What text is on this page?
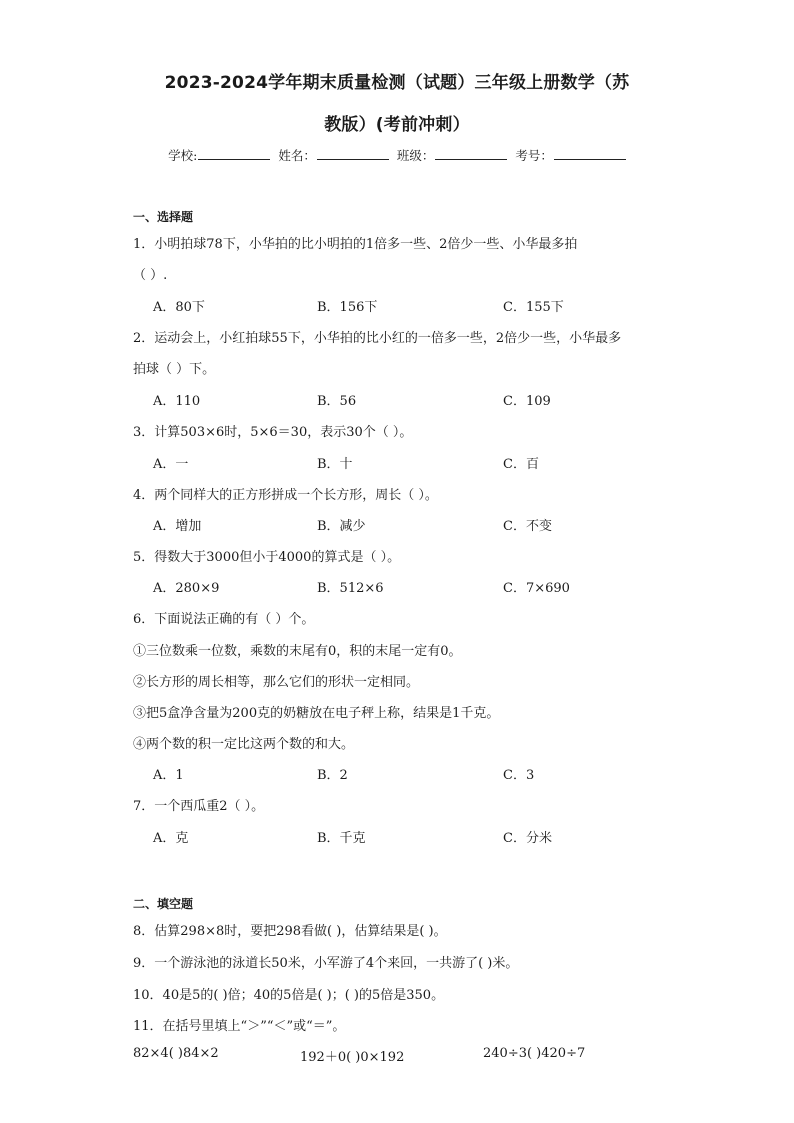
2023-2024学年期末质量检测（试题）三年级上册数学（苏
教版）(考前冲刺）
学校:	姓名：	班级：	考号：
一、选择题
1．小明拍球78下，小华拍的比小明拍的1倍多一些、2倍少一些、小华最多拍
（ ）.
A．80下	B．156下	C．155下
2．运动会上，小红拍球55下，小华拍的比小红的一倍多一些，2倍少一些，小华最多
拍球（ ）下。
A．110	B．56	C．109
3．计算503×6时，5×6＝30，表示30个（ ）。
A．一	B．十	C．百
4．两个同样大的正方形拼成一个长方形，周长（ ）。
A．增加	B．减少	C．不变
5．得数大于3000但小于4000的算式是（ ）。
A．280×9	B．512×6	C．7×690
6．下面说法正确的有（ ）个。
①三位数乘一位数，乘数的末尾有0，积的末尾一定有0。
②长方形的周长相等，那么它们的形状一定相同。
③把5盒净含量为200克的奶糖放在电子秤上称，结果是1千克。
④两个数的积一定比这两个数的和大。
A．1	B．2	C．3
7．一个西瓜重2（ ）。
A．克	B．千克	C．分米
二、填空题
8．估算298×8时，要把298看做( )，估算结果是( )。
9．一个游泳池的泳道长50米，小军游了4个来回，一共游了( )米。
10．40是5的( )倍；40的5倍是( )；( )的5倍是350。
11．在括号里填上“＞”“＜”或“＝”。
82×4( )84×2	192＋0( )0×192	240÷3( )420÷7
